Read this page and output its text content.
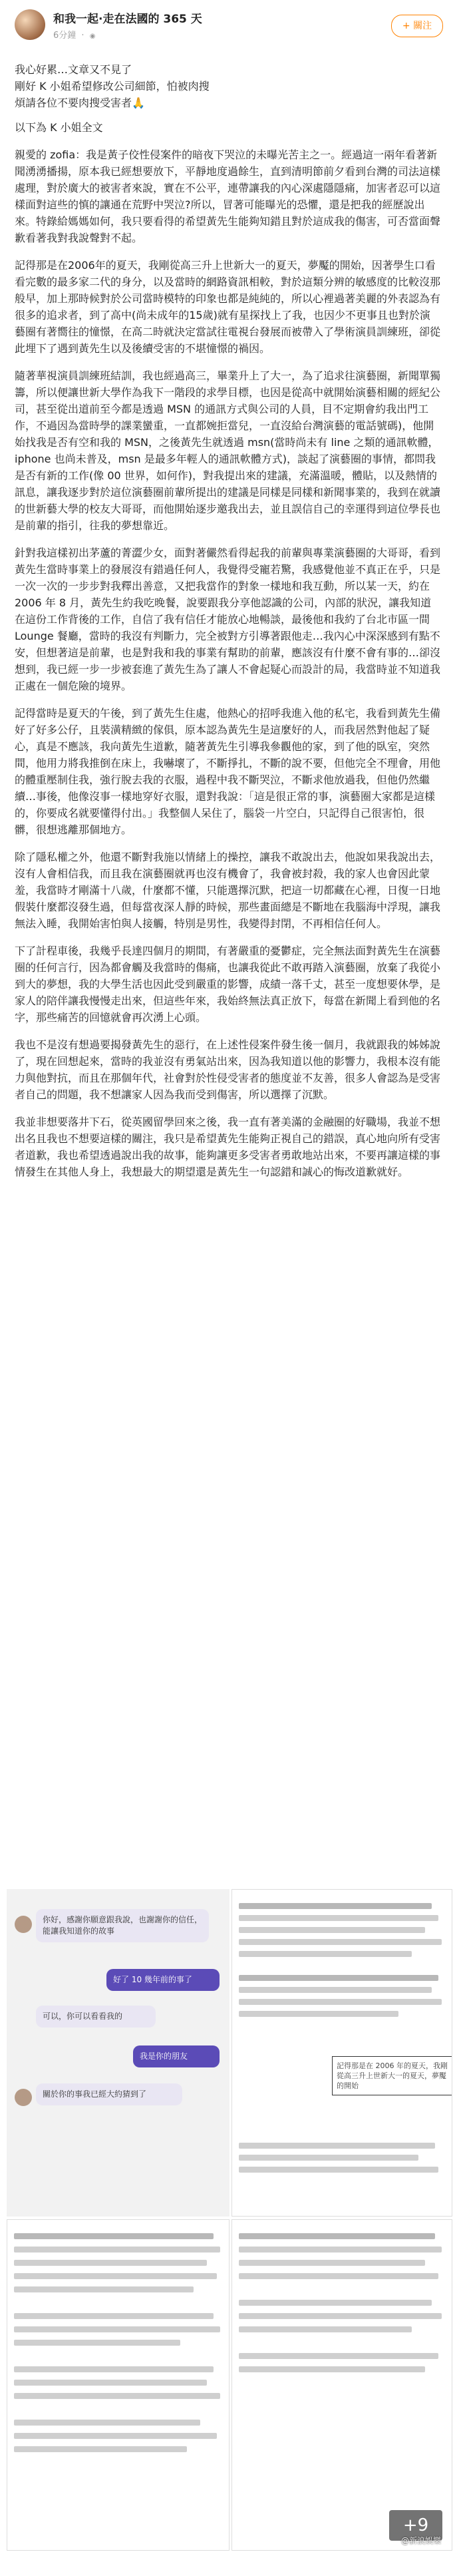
和我一起·走在法國的 365 天
6分鐘 · ◉
+ 關注

我心好累…文章又不見了
剛好 K 小姐希望修改公司細節，怕被肉搜
煩請各位不要肉搜受害者🙏

以下為 K 小姐全文

親愛的 zofia：我是黃子佼性侵案件的暗夜下哭泣的未曝光苦主之一。經過這一兩年看著新聞湧湧播揚，原本我已經想要放下，平靜地度過餘生，直到清明節前夕看到台灣的司法這樣處理，對於廣大的被害者來說，實在不公平，連帶讓我的內心深處隱隱痛，加害者忍可以這樣面對這些的慎的讓通在荒野中哭泣?所以，冒著可能曝光的恐懼，還是把我的經歷說出來。特錄給媽媽如何，我只要看得的希望黃先生能夠知錯且對於這成我的傷害，可否當面聲歉看著我對我說聲對不起。

記得那是在2006年的夏天，我剛從高三升上世新大一的夏天，夢魘的開始，因著學生口看看完數的最多家二代的身分，以及當時的網路資訊相較，對於這類分辨的敏感度的比較沒那般早，加上那時候對於公司當時模特的印象也都是純純的，所以心裡過著美麗的外表認為有很多的追求者，到了高中(尚未成年的15歲)就有星探找上了我，也因少不更事且也對於演藝圈有著嚮往的憧憬，在高二時就決定當試往電視台發展而被帶入了學術演員訓練班，卻從此埋下了遇到黃先生以及後續受害的不堪憧憬的禍因。

隨著華視演員訓練班結訓，我也經過高三，畢業升上了大一，為了追求往演藝圈，新聞單獨籌，所以便讓世新大學作為我下一階段的求學目標，也因是從高中就開始演藝相關的經紀公司，甚至從出道前至今都是透過 MSN 的通訊方式與公司的人員，目不定期會約我出門工作，不過因為當時學的課業蠻重，一直都婉拒當兒，一直沒給台灣演藝的電話號碼)，他開始找我是否有空和我的 MSN，之後黃先生就透過 msn(當時尚未有 line 之類的通訊軟體，iphone 也尚未普及，msn 是最多年輕人的通訊軟體方式)，談起了演藝圈的事情，都問我是否有新的工作(像 00 世界，如何作)，對我提出來的建議，充滿溫暖，體貼，以及熱情的訊息，讓我逐步對於這位演藝圈前輩所提出的建議是同樣是同樣和新聞事業的，我到在就讀的世新藝大學的校友大哥哥，而他開始逐步邀我出去，並且誤信自己的幸運得到這位學長也是前輩的指引，往我的夢想靠近。

針對我這樣初出茅蘆的菁澀少女，面對著儼然看得起我的前輩與專業演藝圈的大哥哥，看到黃先生當時事業上的發展沒有錯過任何人，我覺得受寵若驚，我感覺他並不真正在乎，只是一次一次的一步步對我釋出善意，又把我當作的對象一樣地和我互動，所以某一天，約在 2006 年 8 月，黃先生約我吃晚餐，說要跟我分享他認識的公司，內部的狀況，讓我知道在這份工作背後的工作，自信了我有信任才能放心地暢談，最後他和我約了台北市區一間 Lounge 餐廳，當時的我沒有判斷力，完全被對方引導著跟他走…我內心中深深感到有點不安，但想著這是前輩，也是對我和我的事業有幫助的前輩，應該沒有什麼不會有事的…卻沒想到，我已經一步一步被套進了黃先生為了讓人不會起疑心而設計的局，我當時並不知道我正處在一個危險的境界。

記得當時是夏天的午後，到了黃先生住處，他熱心的招呼我進入他的私宅，我看到黃先生備好了好多公仔，且裝潢精緻的傢俱，原本認為黃先生是這麼好的人，而我居然對他起了疑心，真是不應該，我向黃先生道歉，隨著黃先生引導我參觀他的家，到了他的臥室，突然間，他用力將我推倒在床上，我嚇壞了，不斷掙扎，不斷的說不要，但他完全不理會，用他的體重壓制住我，強行脫去我的衣服，過程中我不斷哭泣，不斷求他放過我，但他仍然繼續…事後，他像沒事一樣地穿好衣服，還對我說：「這是很正常的事，演藝圈大家都是這樣的，你要成名就要懂得付出。」我整個人呆住了，腦袋一片空白，只記得自己很害怕，很髒，很想逃離那個地方。

除了隱私權之外，他還不斷對我施以情緒上的操控，讓我不敢說出去，他說如果我說出去，沒有人會相信我，而且我在演藝圈就再也沒有機會了，我會被封殺，我的家人也會因此蒙羞，我當時才剛滿十八歲，什麼都不懂，只能選擇沉默，把這一切都藏在心裡，日復一日地假裝什麼都沒發生過，但每當夜深人靜的時候，那些畫面總是不斷地在我腦海中浮現，讓我無法入睡，我開始害怕與人接觸，特別是男性，我變得封閉，不再相信任何人。

下了計程車後，我幾乎長達四個月的期間，有著嚴重的憂鬱症，完全無法面對黃先生在演藝圈的任何言行，因為都會觸及我當時的傷痛，也讓我從此不敢再踏入演藝圈，放棄了我從小到大的夢想，我的大學生活也因此受到嚴重的影響，成績一落千丈，甚至一度想要休學，是家人的陪伴讓我慢慢走出來，但這些年來，我始終無法真正放下，每當在新聞上看到他的名字，那些痛苦的回憶就會再次湧上心頭。

我也不是沒有想過要揭發黃先生的惡行，在上述性侵案件發生後一個月，我就跟我的姊姊說了，現在回想起來，當時的我並沒有勇氣站出來，因為我知道以他的影響力，我根本沒有能力與他對抗，而且在那個年代，社會對於性侵受害者的態度並不友善，很多人會認為是受害者自己的問題，我不想讓家人因為我而受到傷害，所以選擇了沉默。

我並非想要落井下石，從英國留學回來之後，我一直有著美滿的金融圈的好職場，我並不想出名且我也不想要這樣的關注，我只是希望黃先生能夠正視自己的錯誤，真心地向所有受害者道歉，我也希望透過說出我的故事，能夠讓更多受害者勇敢地站出來，不要再讓這樣的事情發生在其他人身上，我想最大的期望還是黃先生一句認錯和誠心的悔改道歉就好。

你好，感謝你願意跟我說，也謝謝你的信任，能讓我知道你的故事
好了 10 幾年前的事了
可以，你可以看看我的
我是你的朋友
關於你的事我已經大約猜到了
記得那是在 2006 年的夏天，我剛從高三升上世新大一的夏天，夢魘的開始
+9
@新浪娛樂
